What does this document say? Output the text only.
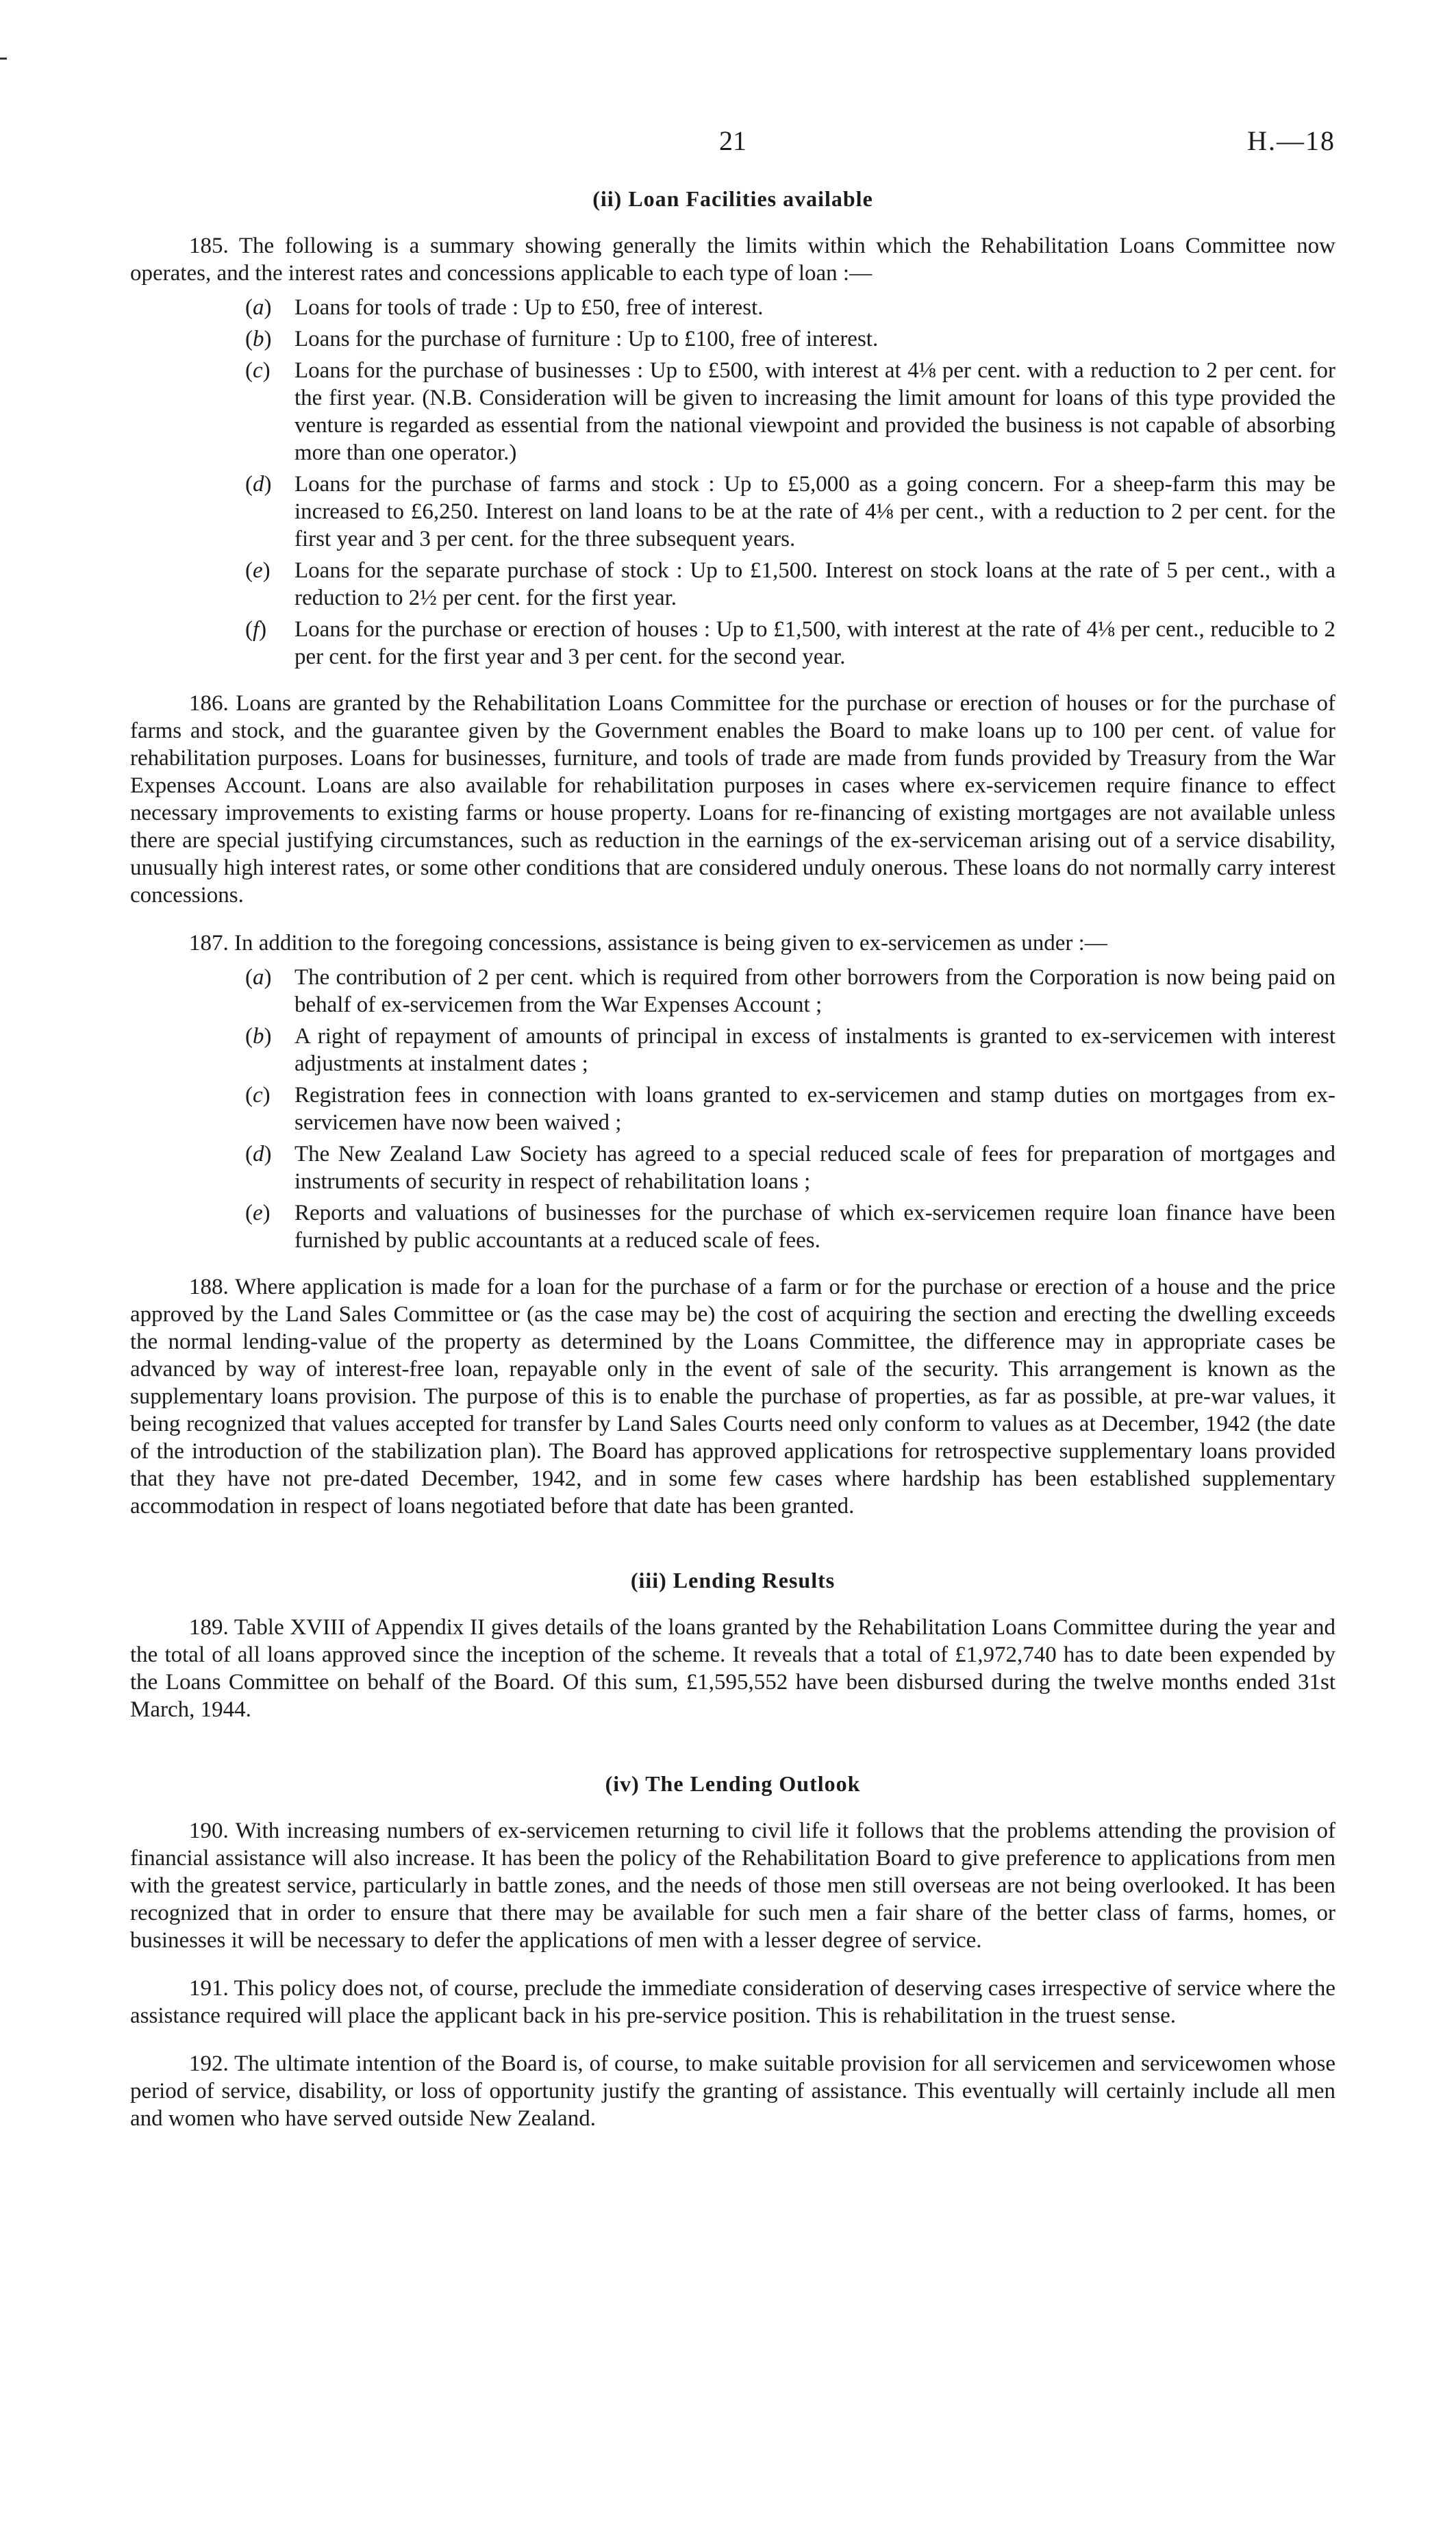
21	H.—18
(ii) Loan Facilities available

185. The following is a summary showing generally the limits within which the Rehabilitation Loans Committee now operates, and the interest rates and concessions applicable to each type of loan :—

(a) Loans for tools of trade : Up to £50, free of interest.
(b) Loans for the purchase of furniture : Up to £100, free of interest.
(c) Loans for the purchase of businesses : Up to £500, with interest at 4⅛ per cent. with a reduction to 2 per cent. for the first year. (N.B. Consideration will be given to increasing the limit amount for loans of this type provided the venture is regarded as essential from the national viewpoint and provided the business is not capable of absorbing more than one operator.)
(d) Loans for the purchase of farms and stock : Up to £5,000 as a going concern. For a sheep-farm this may be increased to £6,250. Interest on land loans to be at the rate of 4⅛ per cent., with a reduction to 2 per cent. for the first year and 3 per cent. for the three subsequent years.
(e) Loans for the separate purchase of stock : Up to £1,500. Interest on stock loans at the rate of 5 per cent., with a reduction to 2½ per cent. for the first year.
(f) Loans for the purchase or erection of houses : Up to £1,500, with interest at the rate of 4⅛ per cent., reducible to 2 per cent. for the first year and 3 per cent. for the second year.

186. Loans are granted by the Rehabilitation Loans Committee for the purchase or erection of houses or for the purchase of farms and stock, and the guarantee given by the Government enables the Board to make loans up to 100 per cent. of value for rehabilitation purposes. Loans for businesses, furniture, and tools of trade are made from funds provided by Treasury from the War Expenses Account. Loans are also available for rehabilitation purposes in cases where ex-servicemen require finance to effect necessary improvements to existing farms or house property. Loans for re-financing of existing mortgages are not available unless there are special justifying circumstances, such as reduction in the earnings of the ex-serviceman arising out of a service disability, unusually high interest rates, or some other conditions that are considered unduly onerous. These loans do not normally carry interest concessions.

187. In addition to the foregoing concessions, assistance is being given to ex-servicemen as under :—

(a) The contribution of 2 per cent. which is required from other borrowers from the Corporation is now being paid on behalf of ex-servicemen from the War Expenses Account ;
(b) A right of repayment of amounts of principal in excess of instalments is granted to ex-servicemen with interest adjustments at instalment dates ;
(c) Registration fees in connection with loans granted to ex-servicemen and stamp duties on mortgages from ex-servicemen have now been waived ;
(d) The New Zealand Law Society has agreed to a special reduced scale of fees for preparation of mortgages and instruments of security in respect of rehabilitation loans ;
(e) Reports and valuations of businesses for the purchase of which ex-servicemen require loan finance have been furnished by public accountants at a reduced scale of fees.

188. Where application is made for a loan for the purchase of a farm or for the purchase or erection of a house and the price approved by the Land Sales Committee or (as the case may be) the cost of acquiring the section and erecting the dwelling exceeds the normal lending-value of the property as determined by the Loans Committee, the difference may in appropriate cases be advanced by way of interest-free loan, repayable only in the event of sale of the security. This arrangement is known as the supplementary loans provision. The purpose of this is to enable the purchase of properties, as far as possible, at pre-war values, it being recognized that values accepted for transfer by Land Sales Courts need only conform to values as at December, 1942 (the date of the introduction of the stabilization plan). The Board has approved applications for retrospective supplementary loans provided that they have not pre-dated December, 1942, and in some few cases where hardship has been established supplementary accommodation in respect of loans negotiated before that date has been granted.

(iii) Lending Results

189. Table XVIII of Appendix II gives details of the loans granted by the Rehabilitation Loans Committee during the year and the total of all loans approved since the inception of the scheme. It reveals that a total of £1,972,740 has to date been expended by the Loans Committee on behalf of the Board. Of this sum, £1,595,552 have been disbursed during the twelve months ended 31st March, 1944.

(iv) The Lending Outlook

190. With increasing numbers of ex-servicemen returning to civil life it follows that the problems attending the provision of financial assistance will also increase. It has been the policy of the Rehabilitation Board to give preference to applications from men with the greatest service, particularly in battle zones, and the needs of those men still overseas are not being overlooked. It has been recognized that in order to ensure that there may be available for such men a fair share of the better class of farms, homes, or businesses it will be necessary to defer the applications of men with a lesser degree of service.

191. This policy does not, of course, preclude the immediate consideration of deserving cases irrespective of service where the assistance required will place the applicant back in his pre-service position. This is rehabilitation in the truest sense.

192. The ultimate intention of the Board is, of course, to make suitable provision for all servicemen and servicewomen whose period of service, disability, or loss of opportunity justify the granting of assistance. This eventually will certainly include all men and women who have served outside New Zealand.
